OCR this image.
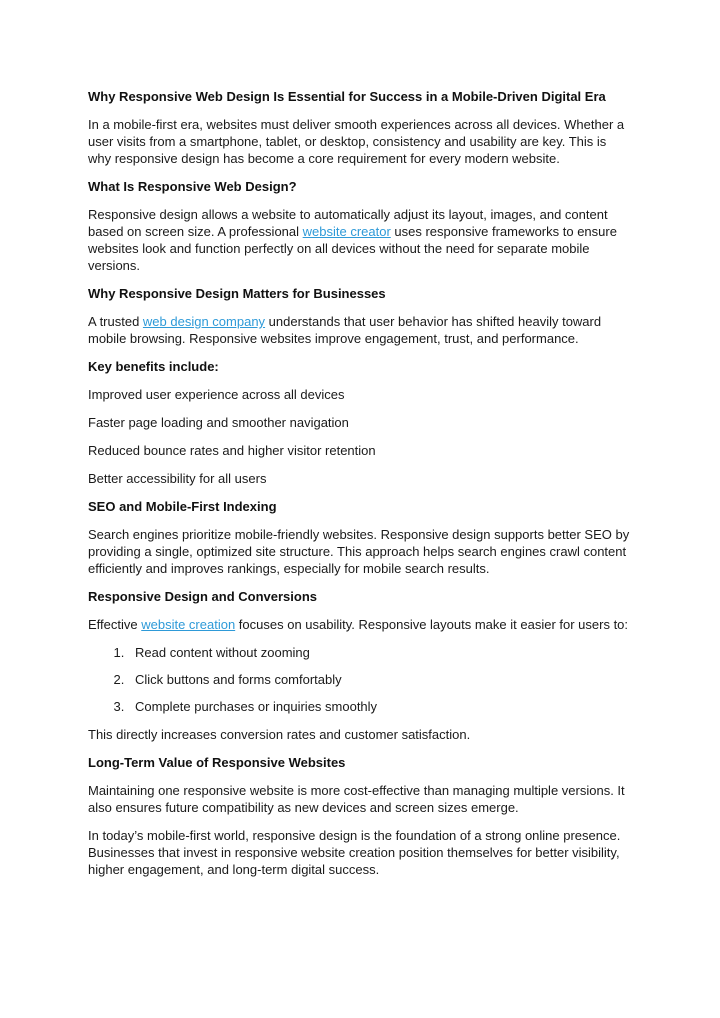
Why Responsive Web Design Is Essential for Success in a Mobile-Driven Digital Era

In a mobile-first era, websites must deliver smooth experiences across all devices. Whether a user visits from a smartphone, tablet, or desktop, consistency and usability are key. This is why responsive design has become a core requirement for every modern website.

What Is Responsive Web Design?

Responsive design allows a website to automatically adjust its layout, images, and content based on screen size. A professional website creator uses responsive frameworks to ensure websites look and function perfectly on all devices without the need for separate mobile versions.

Why Responsive Design Matters for Businesses

A trusted web design company understands that user behavior has shifted heavily toward mobile browsing. Responsive websites improve engagement, trust, and performance.

Key benefits include:

Improved user experience across all devices

Faster page loading and smoother navigation

Reduced bounce rates and higher visitor retention

Better accessibility for all users

SEO and Mobile-First Indexing

Search engines prioritize mobile-friendly websites. Responsive design supports better SEO by providing a single, optimized site structure. This approach helps search engines crawl content efficiently and improves rankings, especially for mobile search results.

Responsive Design and Conversions

Effective website creation focuses on usability. Responsive layouts make it easier for users to:

1. Read content without zooming
2. Click buttons and forms comfortably
3. Complete purchases or inquiries smoothly

This directly increases conversion rates and customer satisfaction.

Long-Term Value of Responsive Websites

Maintaining one responsive website is more cost-effective than managing multiple versions. It also ensures future compatibility as new devices and screen sizes emerge.

In today’s mobile-first world, responsive design is the foundation of a strong online presence. Businesses that invest in responsive website creation position themselves for better visibility, higher engagement, and long-term digital success.
